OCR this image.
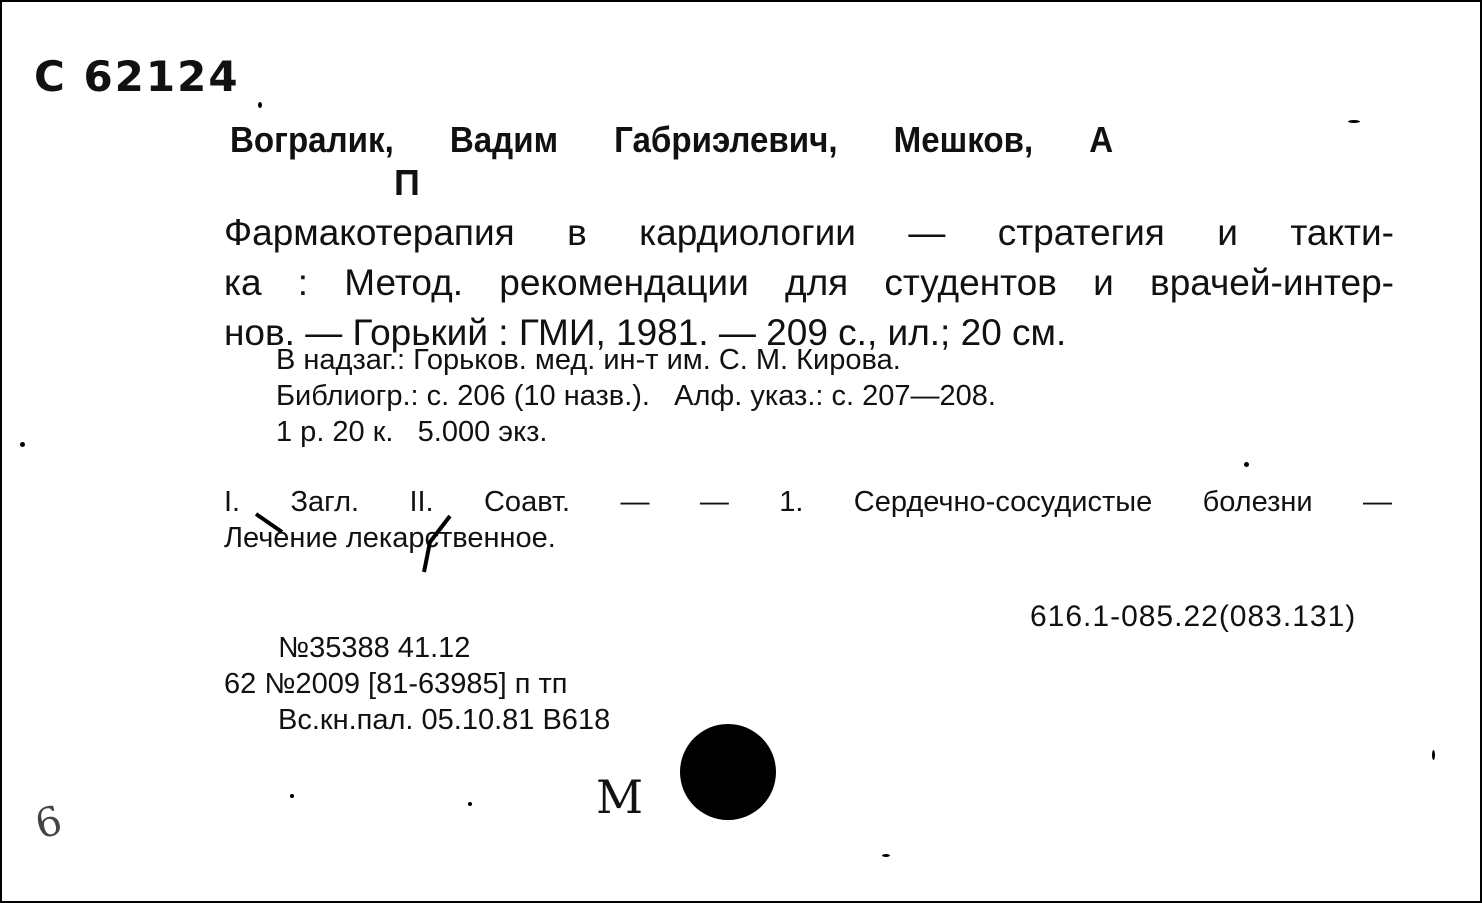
С 62124
Вогралик, Вадим Габриэлевич, Мешков, А
П
Фармакотерапия в кардиологии — стратегия и такти-
ка : Метод. рекомендации для студентов и врачей-интер-
нов. — Горький : ГМИ, 1981. — 209 с., ил.; 20 см.
В надзаг.: Горьков. мед. ин-т им. С. М. Кирова.
Библиогр.: с. 206 (10 назв.).   Алф. указ.: с. 207—208.
1 р. 20 к.   5.000 экз.
I. Загл. II. Соавт. — — 1. Сердечно-сосудистые болезни —
Лечение лекарственное.
616.1-085.22(083.131)
№35388 41.12
62 №2009 [81-63985] п тп
Вс.кн.пал. 05.10.81 В618
М
6
